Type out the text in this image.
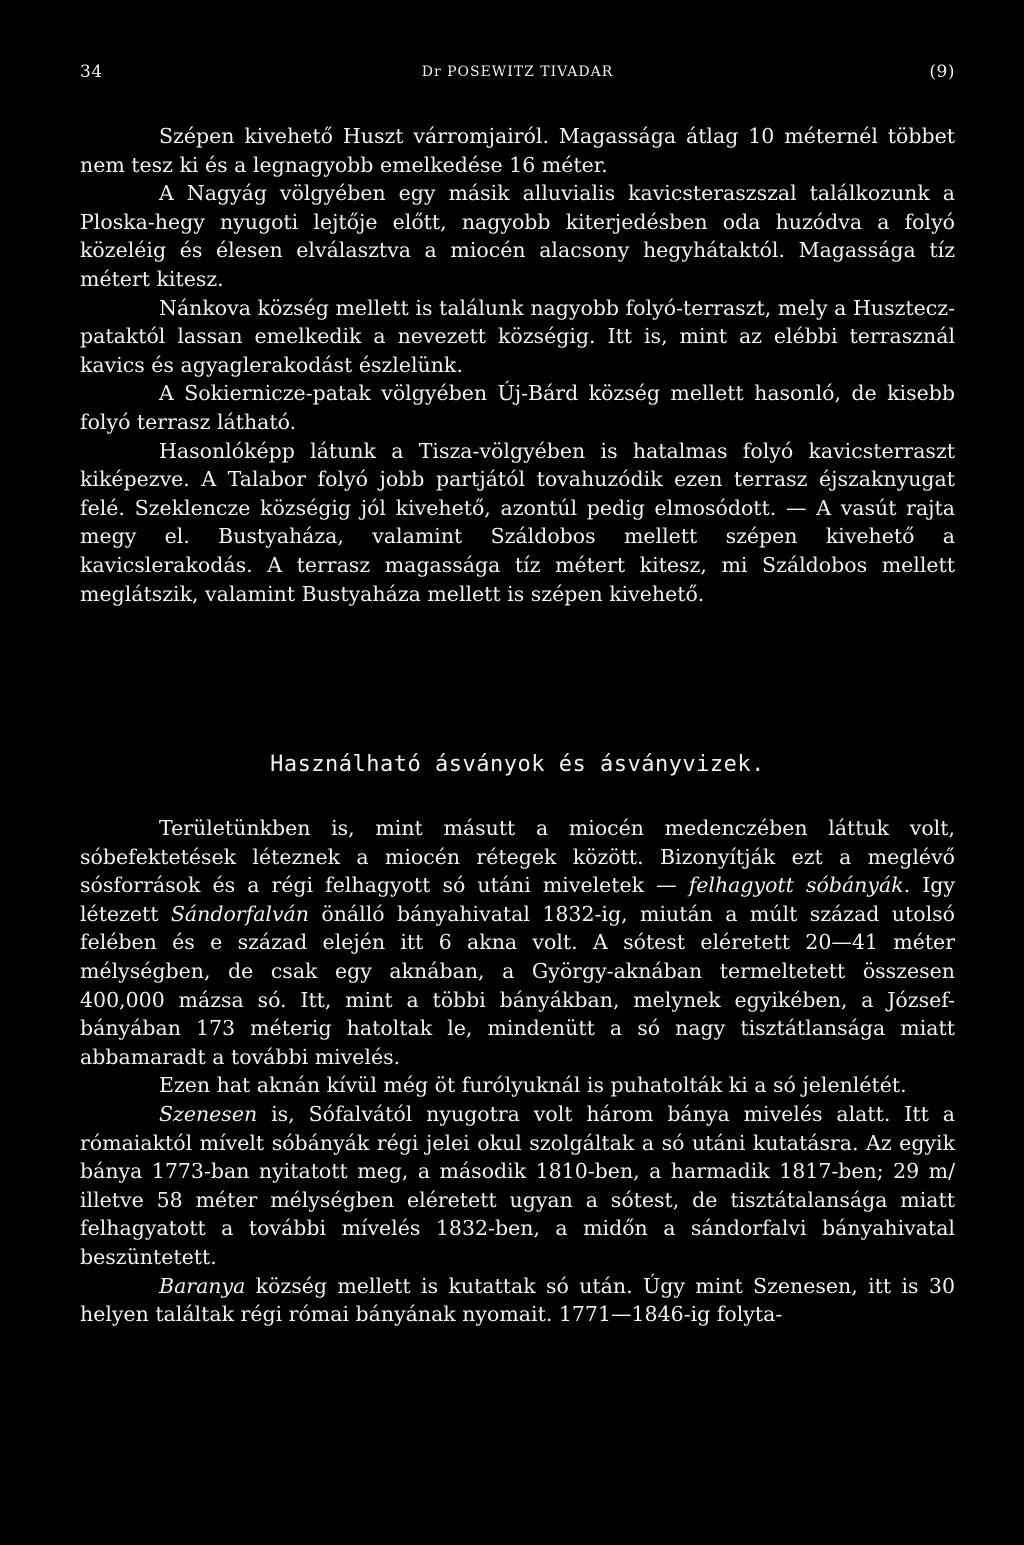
34	Dr POSEWITZ TIVADAR	(9)

Szépen kivehető Huszt várromjairól. Magassága átlag 10 méternél többet nem tesz ki és a legnagyobb emelkedése 16 méter.

A Nagyág völgyében egy másik alluvialis kavicsteraszszal találkozunk a Ploska-hegy nyugoti lejtője előtt, nagyobb kiterjedésben oda huzódva a folyó közeléig és élesen elválasztva a miocén alacsony hegyhátaktól. Magassága tíz métert kitesz.

Nánkova község mellett is találunk nagyobb folyó-terraszt, mely a Husztecz-pataktól lassan emelkedik a nevezett községig. Itt is, mint az elébbi terrasznál kavics és agyaglerakodást észlelünk.

A Sokiernicze-patak völgyében Új-Bárd község mellett hasonló, de kisebb folyó terrasz látható.

Hasonlóképp látunk a Tisza-völgyében is hatalmas folyó kavicsterraszt kiképezve. A Talabor folyó jobb partjától tovahuzódik ezen terrasz éjszaknyugat felé. Szeklencze községig jól kivehető, azontúl pedig elmosódott. — A vasút rajta megy el. Bustyaháza, valamint Száldobos mellett szépen kivehető a kavicslerakodás. A terrasz magassága tíz métert kitesz, mi Száldobos mellett meglátszik, valamint Bustyaháza mellett is szépen kivehető.

Használható ásványok és ásványvizek.

Területünkben is, mint másutt a miocén medenczében láttuk volt, sóbefektetések léteznek a miocén rétegek között. Bizonyítják ezt a meglévő sósforrások és a régi felhagyott só utáni miveletek — felhagyott sóbányák. Igy létezett Sándorfalván önálló bányahivatal 1832-ig, miután a múlt század utolsó felében és e század elején itt 6 akna volt. A sótest eléretett 20—41 méter mélységben, de csak egy aknában, a György-aknában termeltetett összesen 400,000 mázsa só. Itt, mint a többi bányákban, melynek egyikében, a József-bányában 173 méterig hatoltak le, mindenütt a só nagy tisztátlansága miatt abbamaradt a további mivelés.

Ezen hat aknán kívül még öt furólyuknál is puhatolták ki a só jelenlétét.

Szenesen is, Sófalvától nyugotra volt három bánya mivelés alatt. Itt a rómaiaktól mívelt sóbányák régi jelei okul szolgáltak a só utáni kutatásra. Az egyik bánya 1773-ban nyitatott meg, a második 1810-ben, a harmadik 1817-ben; 29 m/ illetve 58 méter mélységben eléretett ugyan a sótest, de tisztátalansága miatt felhagyatott a további mívelés 1832-ben, a midőn a sándorfalvi bányahivatal beszüntetett.

Baranya község mellett is kutattak só után. Úgy mint Szenesen, itt is 30 helyen találtak régi római bányának nyomait. 1771—1846-ig folyta-
